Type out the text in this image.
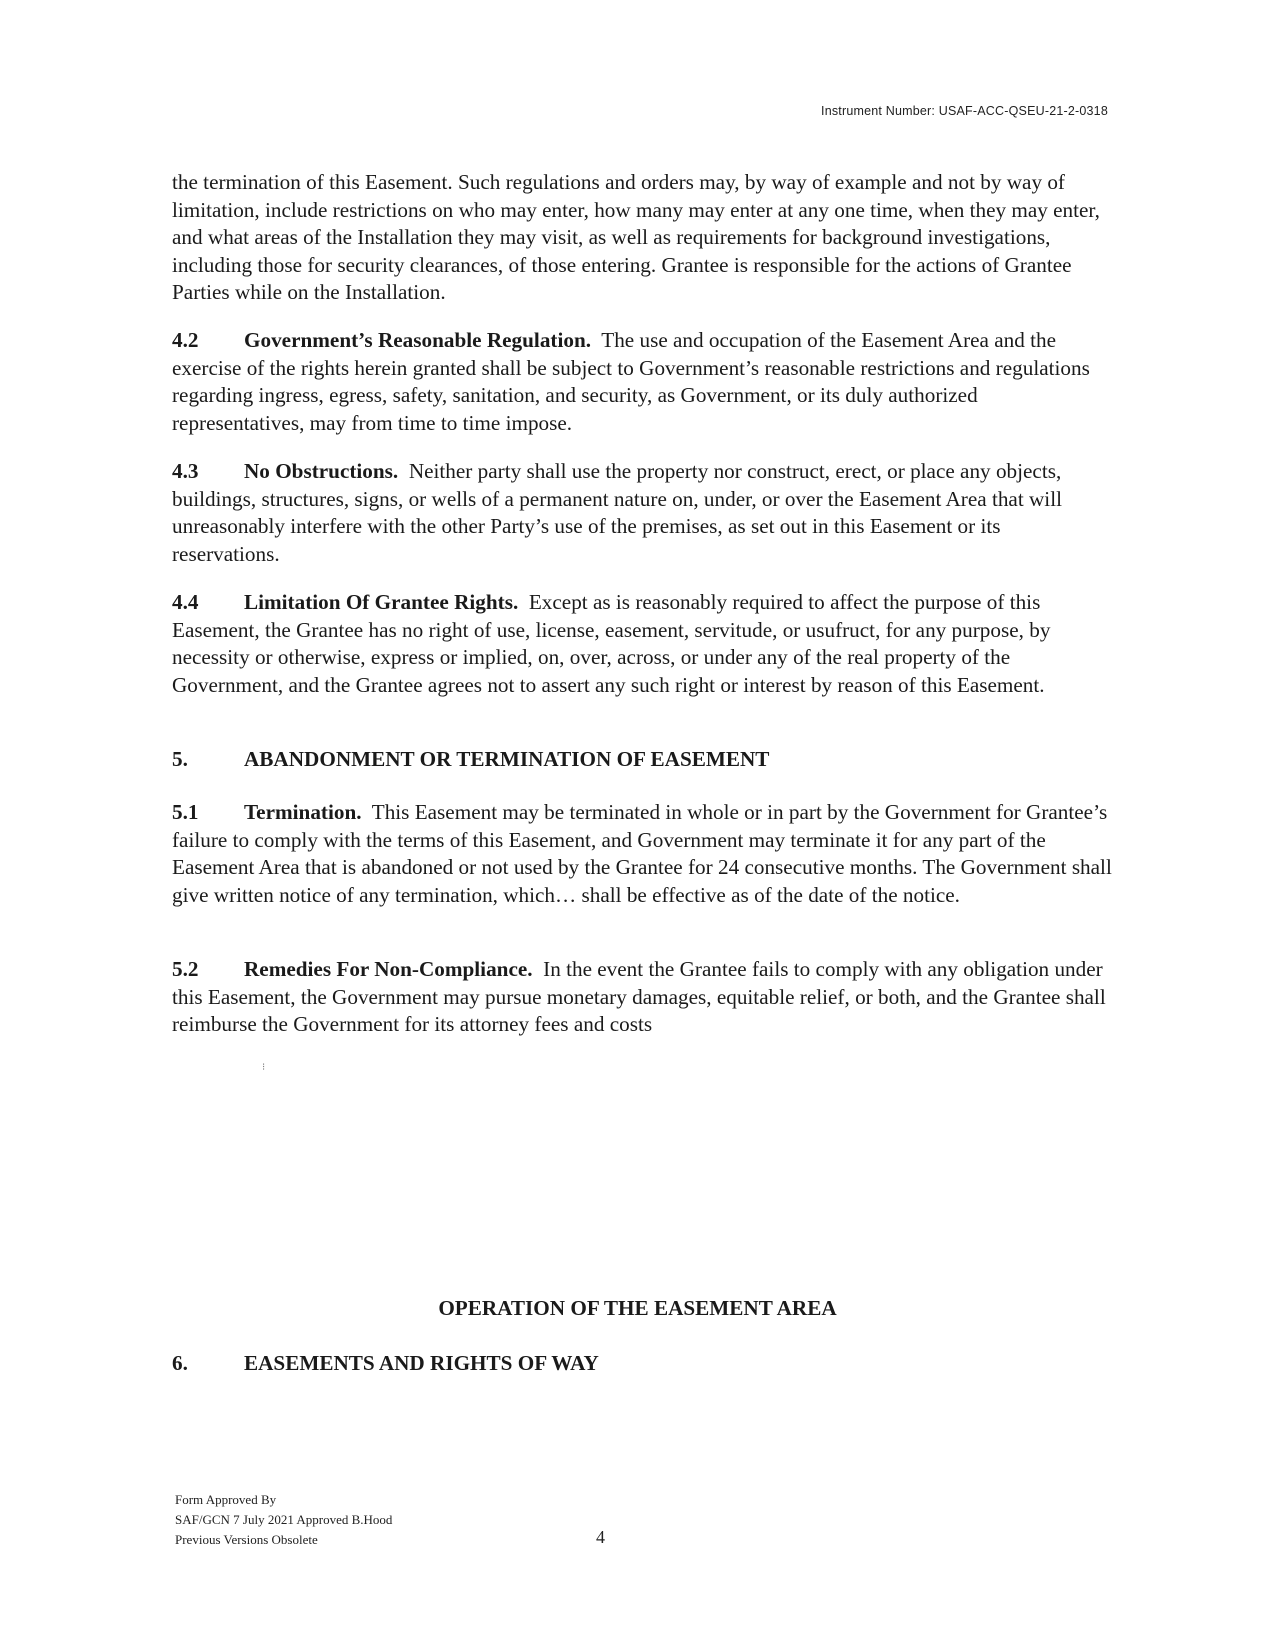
Instrument Number: USAF-ACC-QSEU-21-2-0318

the termination of this Easement. Such regulations and orders may, by way of example and not by way of limitation, include restrictions on who may enter, how many may enter at any one time, when they may enter, and what areas of the Installation they may visit, as well as requirements for background investigations, including those for security clearances, of those entering. Grantee is responsible for the actions of Grantee Parties while on the Installation.

4.2 Government’s Reasonable Regulation. The use and occupation of the Easement Area and the exercise of the rights herein granted shall be subject to Government’s reasonable restrictions and regulations regarding ingress, egress, safety, sanitation, and security, as Government, or its duly authorized representatives, may from time to time impose.

4.3 No Obstructions. Neither party shall use the property nor construct, erect, or place any objects, buildings, structures, signs, or wells of a permanent nature on, under, or over the Easement Area that will unreasonably interfere with the other Party’s use of the premises, as set out in this Easement or its reservations.

4.4 Limitation Of Grantee Rights. Except as is reasonably required to affect the purpose of this Easement, the Grantee has no right of use, license, easement, servitude, or usufruct, for any purpose, by necessity or otherwise, express or implied, on, over, across, or under any of the real property of the Government, and the Grantee agrees not to assert any such right or interest by reason of this Easement.

5.	ABANDONMENT OR TERMINATION OF EASEMENT

5.1 Termination. This Easement may be terminated in whole or in part by the Government for Grantee’s failure to comply with the terms of this Easement, and Government may terminate it for any part of the Easement Area that is abandoned or not used by the Grantee for 24 consecutive months. The Government shall give written notice of any termination, which… shall be effective as of the date of the notice.

5.2 Remedies For Non-Compliance. In the event the Grantee fails to comply with any obligation under this Easement, the Government may pursue monetary damages, equitable relief, or both, and the Grantee shall reimburse the Government for its attorney fees and costs

⁝
OPERATION OF THE EASEMENT AREA
6.	EASEMENTS AND RIGHTS OF WAY
Form Approved By
SAF/GCN 7 July 2021 Approved B.Hood
Previous Versions Obsolete	4
